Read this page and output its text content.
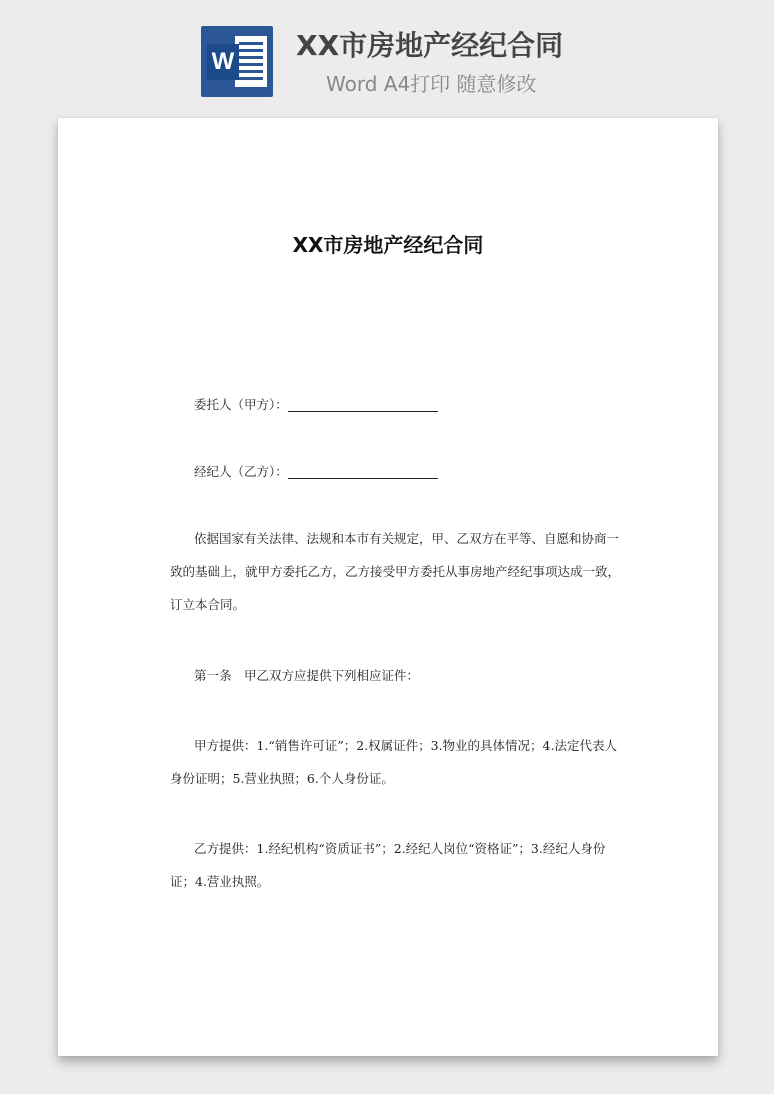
W XX市房地产经纪合同
Word A4打印 随意修改
XX市房地产经纪合同
委托人（甲方）：
经纪人（乙方）：
依据国家有关法律、法规和本市有关规定，甲、乙双方在平等、自愿和协商一
致的基础上，就甲方委托乙方，乙方接受甲方委托从事房地产经纪事项达成一致，
订立本合同。
第一条　甲乙双方应提供下列相应证件：
甲方提供：1.“销售许可证”；2.权属证件；3.物业的具体情况；4.法定代表人
身份证明；5.营业执照；6.个人身份证。
乙方提供：1.经纪机构“资质证书”；2.经纪人岗位“资格证”；3.经纪人身份
证；4.营业执照。
